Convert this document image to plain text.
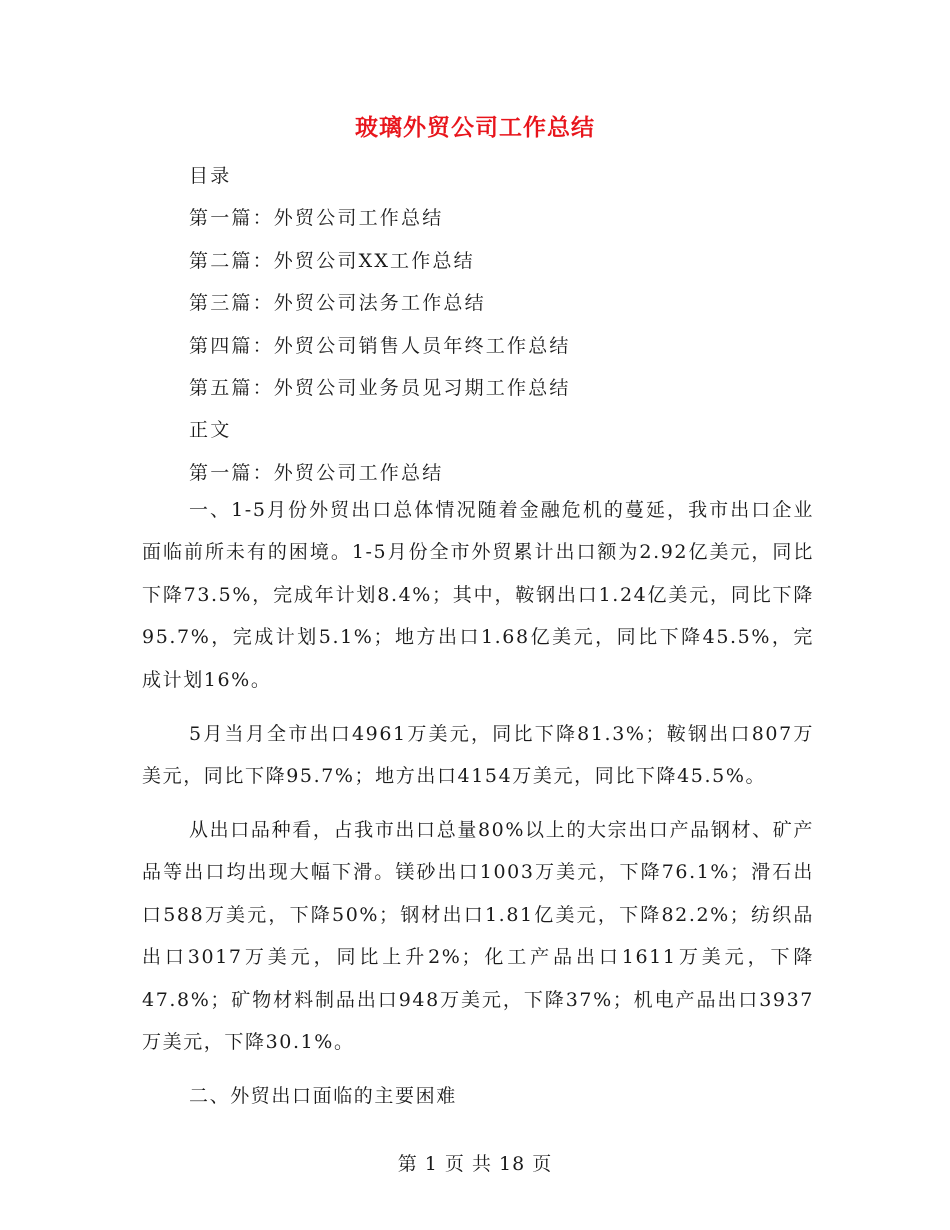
玻璃外贸公司工作总结
目录
第一篇：外贸公司工作总结
第二篇：外贸公司XX工作总结
第三篇：外贸公司法务工作总结
第四篇：外贸公司销售人员年终工作总结
第五篇：外贸公司业务员见习期工作总结
正文
第一篇：外贸公司工作总结

一、1-5月份外贸出口总体情况随着金融危机的蔓延，我市出口企业面临前所未有的困境。1-5月份全市外贸累计出口额为2.92亿美元，同比下降73.5%，完成年计划8.4%；其中，鞍钢出口1.24亿美元，同比下降95.7%，完成计划5.1%；地方出口1.68亿美元，同比下降45.5%，完成计划16%。

5月当月全市出口4961万美元，同比下降81.3%；鞍钢出口807万美元，同比下降95.7%；地方出口4154万美元，同比下降45.5%。

从出口品种看，占我市出口总量80%以上的大宗出口产品钢材、矿产品等出口均出现大幅下滑。镁砂出口1003万美元，下降76.1%；滑石出口588万美元，下降50%；钢材出口1.81亿美元，下降82.2%；纺织品出口3017万美元，同比上升2%；化工产品出口1611万美元，下降47.8%；矿物材料制品出口948万美元，下降37%；机电产品出口3937万美元，下降30.1%。

二、外贸出口面临的主要困难

第 1 页 共 18 页
